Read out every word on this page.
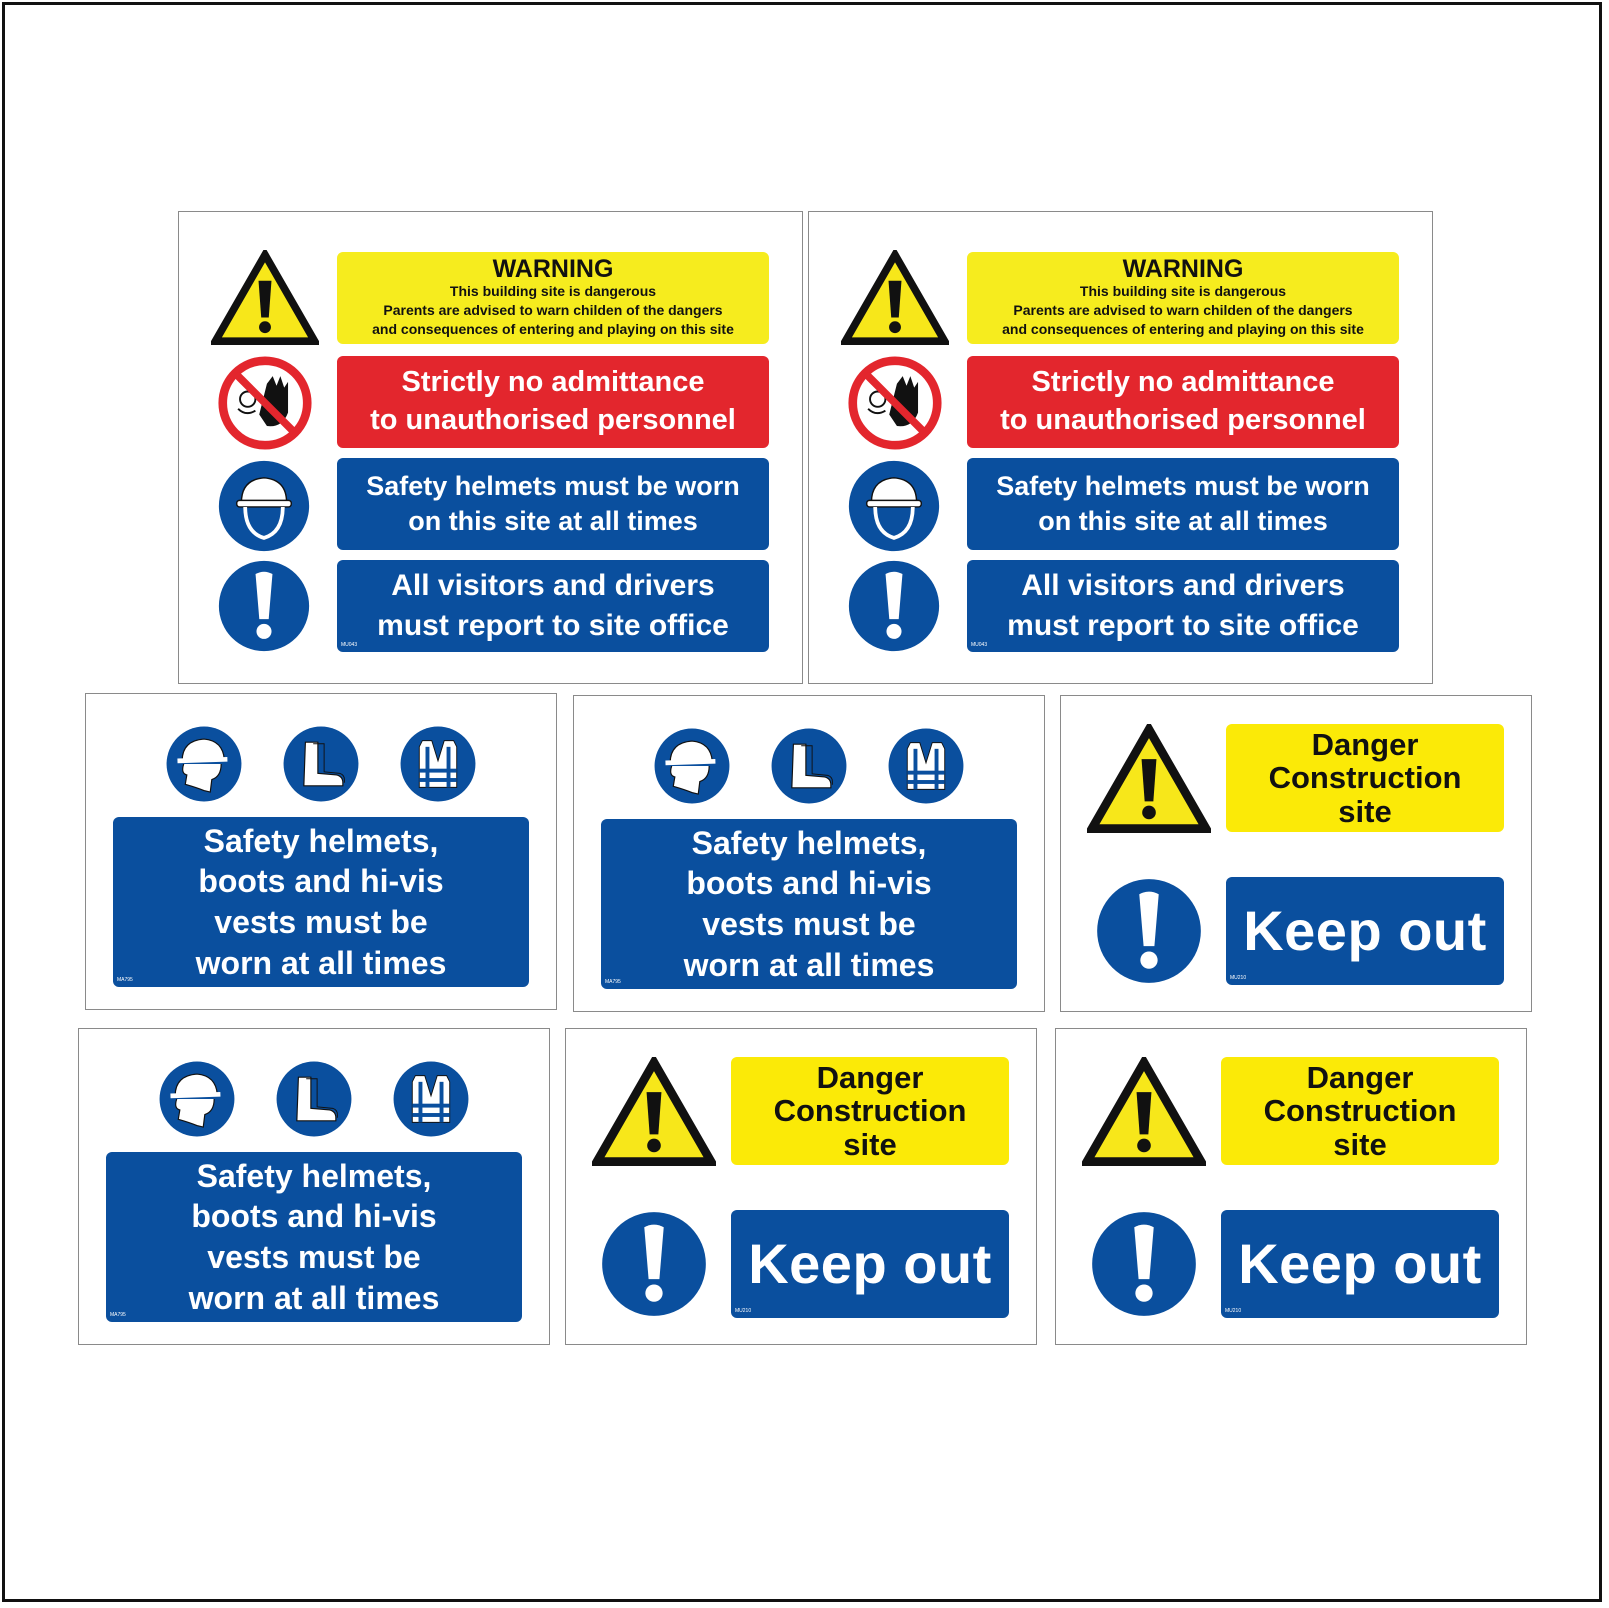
WARNING
This building site is dangerous
Parents are advised to warn childen of the dangers
and consequences of entering and playing on this site
Strictly no admittance
to unauthorised personnel
Safety helmets must be worn
on this site at all times
All visitors and drivers
must report to site office
MU043
WARNING
This building site is dangerous
Parents are advised to warn childen of the dangers
and consequences of entering and playing on this site
Strictly no admittance
to unauthorised personnel
Safety helmets must be worn
on this site at all times
All visitors and drivers
must report to site office
MU043
Safety helmets,
boots and hi-vis
vests must be
worn at all times
MA795
Safety helmets,
boots and hi-vis
vests must be
worn at all times
MA795
Danger
Construction
site
Keep out
MU210
Safety helmets,
boots and hi-vis
vests must be
worn at all times
MA795
Danger
Construction
site
Keep out
MU210
Danger
Construction
site
Keep out
MU210
